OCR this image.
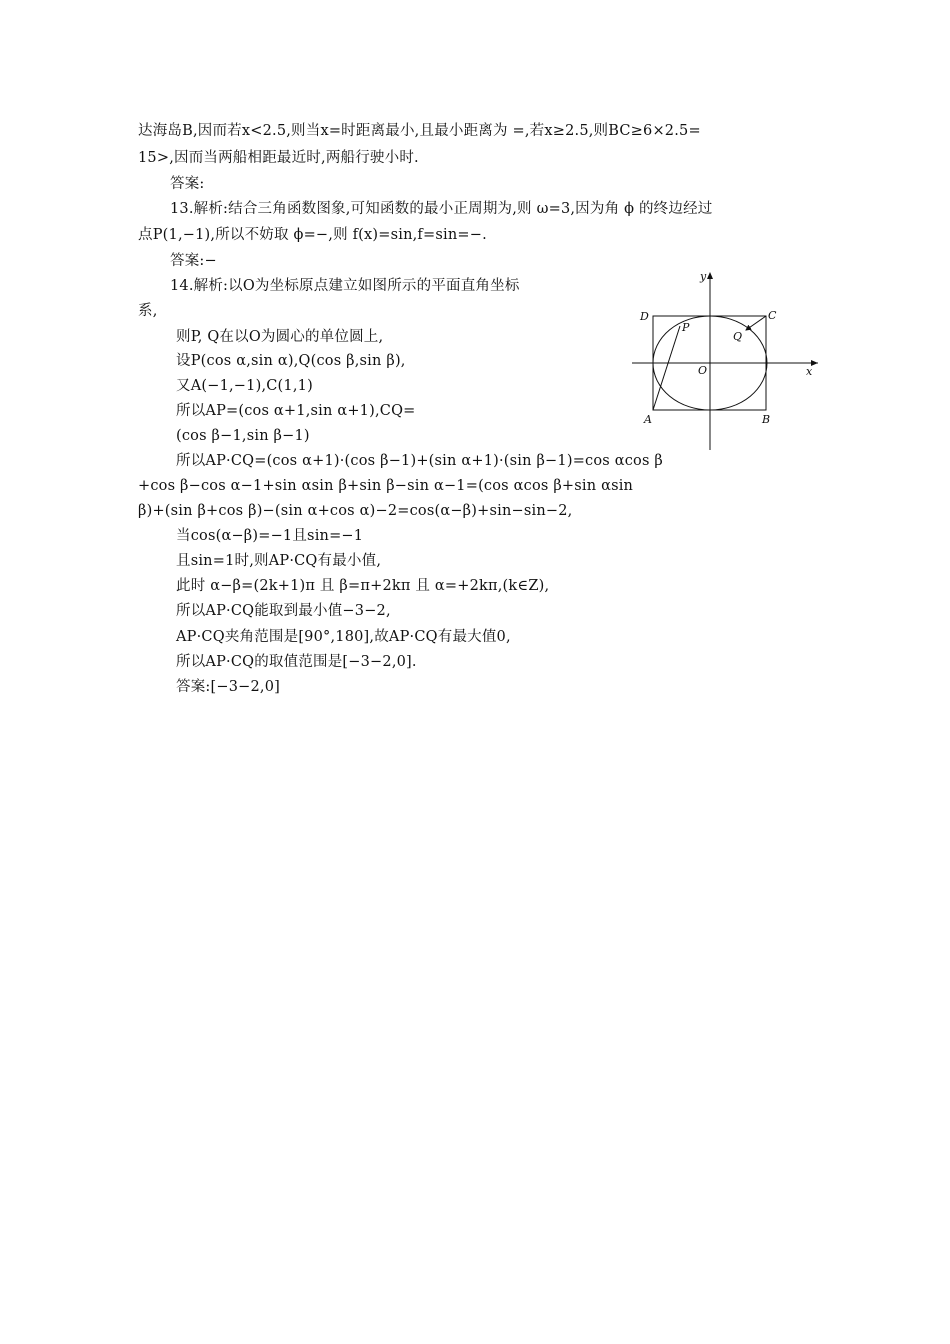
达海岛B,因而若x<2.5,则当x=时距离最小,且最小距离为 =,若x≥2.5,则BC≥6×2.5=
15>,因而当两船相距最近时,两船行驶小时.
答案:
13.解析:结合三角函数图象,可知函数的最小正周期为,则 ω=3,因为角 ϕ 的终边经过
点P(1,−1),所以不妨取 ϕ=−,则 f(x)=sin,f=sin=−.
答案:−
14.解析:以O为坐标原点建立如图所示的平面直角坐标
系,
则P, Q在以O为圆心的单位圆上,
设P(cos α,sin α),Q(cos β,sin β),
又A(−1,−1),C(1,1)
所以AP=(cos α+1,sin α+1),CQ=
(cos β−1,sin β−1)
所以AP·CQ=(cos α+1)·(cos β−1)+(sin α+1)·(sin β−1)=cos αcos β
+cos β−cos α−1+sin αsin β+sin β−sin α−1=(cos αcos β+sin αsin
β)+(sin β+cos β)−(sin α+cos α)−2=cos(α−β)+sin−sin−2,
当cos(α−β)=−1且sin=−1
且sin=1时,则AP·CQ有最小值,
此时 α−β=(2k+1)π 且 β=π+2kπ 且 α=+2kπ,(k∈Z),
所以AP·CQ能取到最小值−3−2,
AP·CQ夹角范围是[90°,180],故AP·CQ有最大值0,
所以AP·CQ的取值范围是[−3−2,0].
答案:[−3−2,0]
y
x
O
A	B
C
D
P
Q
